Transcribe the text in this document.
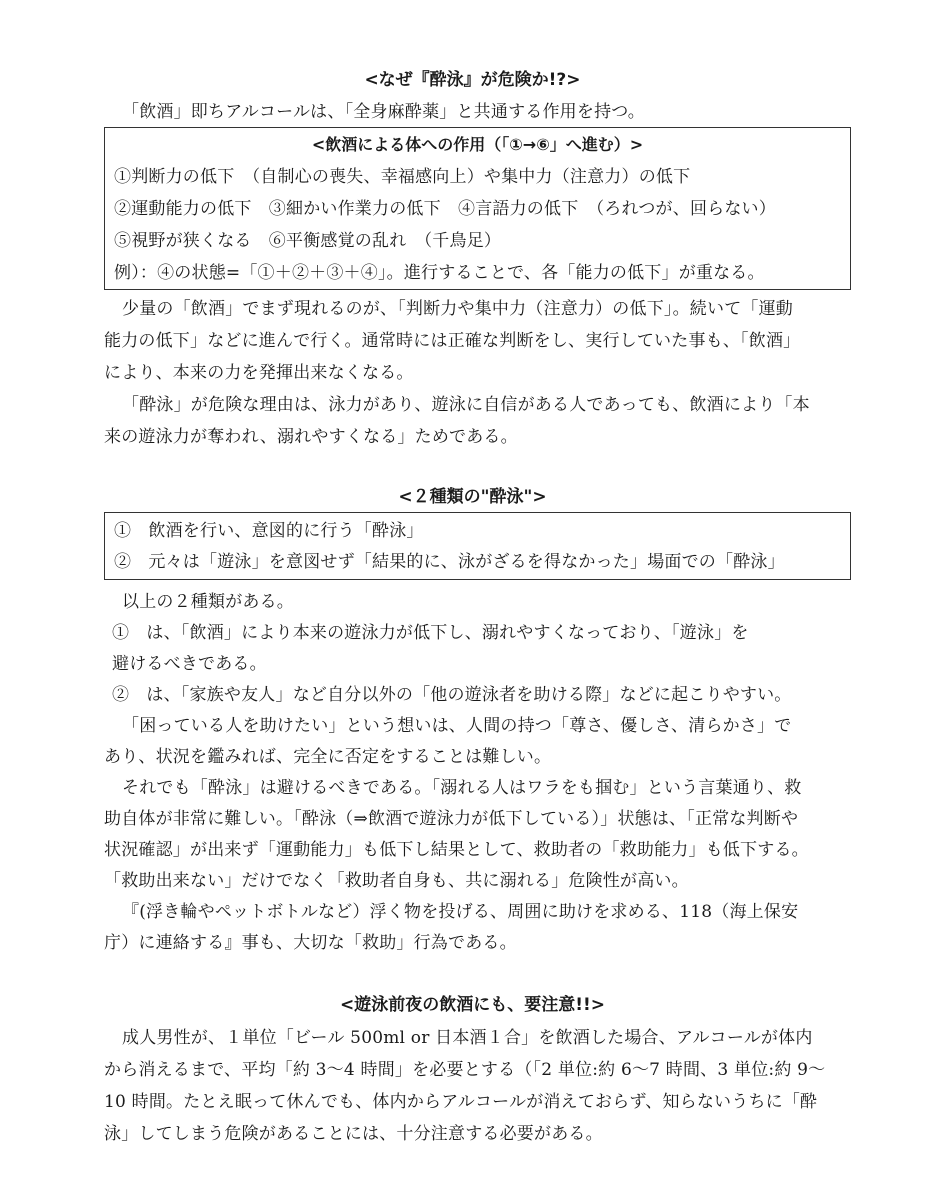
<なぜ『酔泳』が危険か!?>
「飲酒」即ちアルコールは、「全身麻酔薬」と共通する作用を持つ。
<飲酒による体への作用（「①→⑥」へ進む）>
①判断力の低下　（自制心の喪失、幸福感向上）や集中力（注意力）の低下
②運動能力の低下　③細かい作業力の低下　④言語力の低下　（ろれつが、回らない）
⑤視野が狭くなる　⑥平衡感覚の乱れ　（千鳥足）
例）：④の状態=「①＋②＋③＋④」。進行することで、各「能力の低下」が重なる。
少量の「飲酒」でまず現れるのが、「判断力や集中力（注意力）の低下」。続いて「運動
能力の低下」などに進んで行く。通常時には正確な判断をし、実行していた事も、「飲酒」
により、本来の力を発揮出来なくなる。
「酔泳」が危険な理由は、泳力があり、遊泳に自信がある人であっても、飲酒により「本
来の遊泳力が奪われ、溺れやすくなる」ためである。
<２種類の"酔泳">
①　飲酒を行い、意図的に行う「酔泳」
②　元々は「遊泳」を意図せず「結果的に、泳がざるを得なかった」場面での「酔泳」
以上の２種類がある。
①　は、「飲酒」により本来の遊泳力が低下し、溺れやすくなっており、「遊泳」を
避けるべきである。
②　は、「家族や友人」など自分以外の「他の遊泳者を助ける際」などに起こりやすい。
「困っている人を助けたい」という想いは、人間の持つ「尊さ、優しさ、清らかさ」で
あり、状況を鑑みれば、完全に否定をすることは難しい。
それでも「酔泳」は避けるべきである。「溺れる人はワラをも掴む」という言葉通り、救
助自体が非常に難しい。「酔泳（⇒飲酒で遊泳力が低下している）」状態は、「正常な判断や
状況確認」が出来ず「運動能力」も低下し結果として、救助者の「救助能力」も低下する。
「救助出来ない」だけでなく「救助者自身も、共に溺れる」危険性が高い。
『(浮き輪やペットボトルなど）浮く物を投げる、周囲に助けを求める、118（海上保安
庁）に連絡する』事も、大切な「救助」行為である。
<遊泳前夜の飲酒にも、要注意!!>
成人男性が、１単位「ビール 500ml or 日本酒１合」を飲酒した場合、アルコールが体内
から消えるまで、平均「約 3～4 時間」を必要とする（「2 単位:約 6～7 時間、3 単位:約 9～
10 時間。たとえ眠って休んでも、体内からアルコールが消えておらず、知らないうちに「酔
泳」してしまう危険があることには、十分注意する必要がある。
